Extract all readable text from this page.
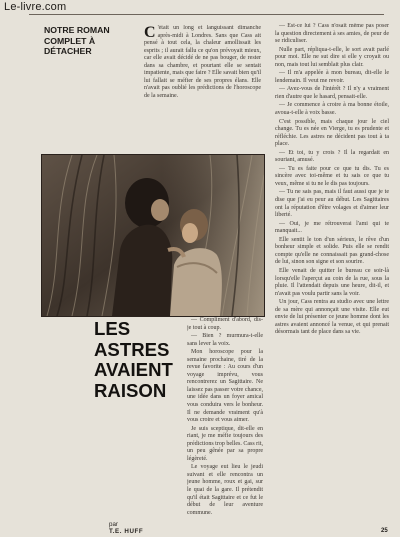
Le-livre.com
NOTRE ROMAN COMPLET À DÉTACHER

C 'était un long et languissant dimanche après-midi à Londres. Sans que Cass ait pensé à tout cela, la chaleur amollissait les esprits ; il aurait fallu ce qu'on prévoyait mieux, car elle avait décidé de ne pas bouger, de rester dans sa chambre, et pourtant elle se sentait impatiente, mais que faire ? Elle savait bien qu'il lui fallait se méfier de ses propres élans. Elle n'avait pas oublié les prédictions de l'horoscope de la semaine.

LES
ASTRES
AVAIENT
RAISON
par
T.E. HUFF

— Compliment d'abord, dis-je tout à coup.

— Bien ? murmura-t-elle sans lever la voix.

Mon horoscope pour la semaine prochaine, tiré de la revue favorite : Au cours d'un voyage imprévu, vous rencontrerez un Sagittaire. Ne laissez pas passer votre chance, une idée dans un foyer amical vous conduira vers le bonheur. Il ne demande vraiment qu'à vous croire et vous aimer.

Je suis sceptique, dit-elle en riant, je me méfie toujours des prédictions trop belles. Cass rit, un peu gênée par sa propre légèreté.

Le voyage eut lieu le jeudi suivant et elle rencontra un jeune homme, roux et gai, sur le quai de la gare. Il prétendit qu'il était Sagittaire et ce fut le début de leur aventure commune.

— Est-ce lui ? Cass n'osait même pas poser la question directement à ses amies, de peur de se ridiculiser.

Nulle part, répliqua-t-elle, le sort avait parlé pour moi. Elle ne sut dire si elle y croyait ou non, mais tout lui semblait plus clair.

— Il m'a appelée à mon bureau, dit-elle le lendemain. Il veut me revoir.

— Avez-vous de l'intérêt ? Il n'y a vraiment rien d'autre que le hasard, pensait-elle.

— Je commence à croire à ma bonne étoile, avoua-t-elle à voix basse.

C'est possible, mais chaque jour le ciel change. Tu es née en Vierge, tu es prudente et réfléchie. Les astres ne décident pas tout à ta place.

— Et toi, tu y crois ? Il la regardait en souriant, amusé.

— Tu es faite pour ce que tu dis. Tu es sincère avec toi-même et tu sais ce que tu veux, même si tu ne le dis pas toujours.

— Tu ne sais pas, mais il faut aussi que je te dise que j'ai eu peur au début. Les Sagittaires ont la réputation d'être volages et d'aimer leur liberté.

— Oui, je me rétrouverai l'ami qui te manquait...

Elle sentit le ton d'un sérieux, le rêve d'un bonheur simple et solide. Puis elle se rendit compte qu'elle ne connaissait pas grand-chose de lui, sinon son signe et son sourire.

Elle venait de quitter le bureau ce soir-là lorsqu'elle l'aperçut au coin de la rue, sous la pluie. Il l'attendait depuis une heure, dit-il, et n'avait pas voulu partir sans la voir.

Un jour, Cass rentra au studio avec une lettre de sa mère qui annonçait une visite. Elle eut envie de lui présenter ce jeune homme dont les astres avaient annoncé la venue, et qui prenait désormais tant de place dans sa vie.

25
